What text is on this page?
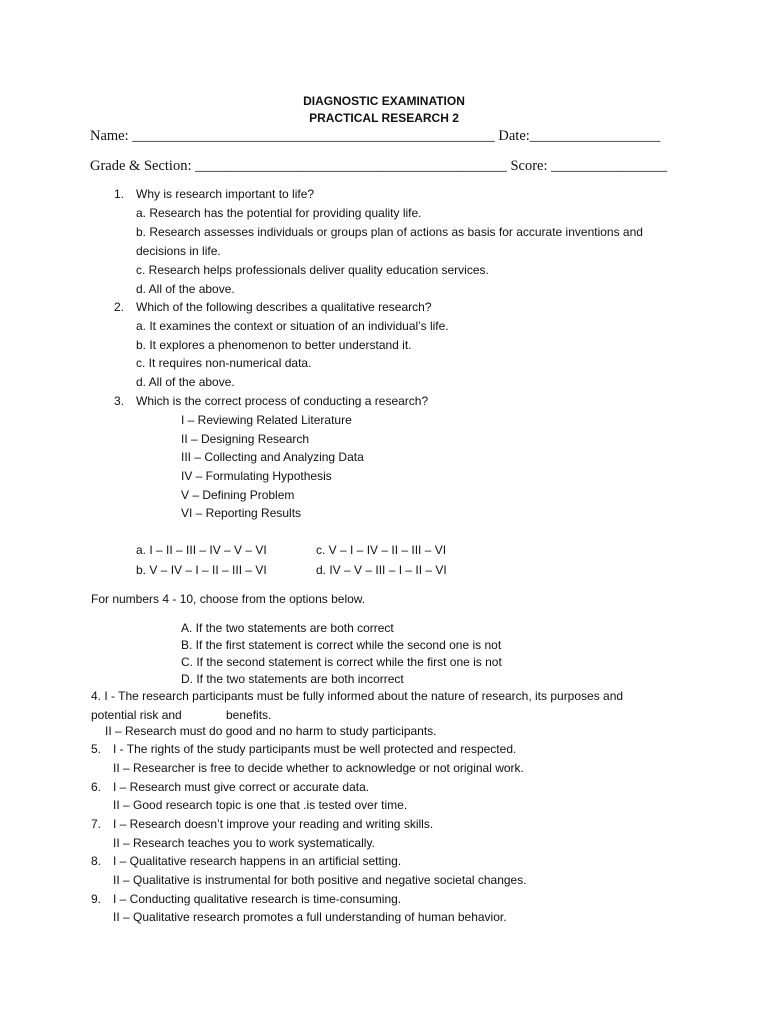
DIAGNOSTIC EXAMINATION
PRACTICAL RESEARCH 2
Name: __________________________________________________ Date:__________________
Grade & Section: ___________________________________________ Score: ________________
1. Why is research important to life?
a. Research has the potential for providing quality life.
b. Research assesses individuals or groups plan of actions as basis for accurate inventions and
decisions in life.
c. Research helps professionals deliver quality education services.
d. All of the above.
2. Which of the following describes a qualitative research?
a. It examines the context or situation of an individual’s life.
b. It explores a phenomenon to better understand it.
c. It requires non-numerical data.
d. All of the above.
3. Which is the correct process of conducting a research?
I – Reviewing Related Literature
II – Designing Research
III – Collecting and Analyzing Data
IV – Formulating Hypothesis
V – Defining Problem
VI – Reporting Results
a. I – II – III – IV – V – VI	c. V – I – IV – II – III – VI
b. V – IV – I – II – III – VI	d. IV – V – III – I – II – VI
For numbers 4 - 10, choose from the options below.
A. If the two statements are both correct
B. If the first statement is correct while the second one is not
C. If the second statement is correct while the first one is not
D. If the two statements are both incorrect
4. I - The research participants must be fully informed about the nature of research, its purposes and
potential risk and	benefits.
II – Research must do good and no harm to study participants.
5. I - The rights of the study participants must be well protected and respected.
II – Researcher is free to decide whether to acknowledge or not original work.
6. I – Research must give correct or accurate data.
II – Good research topic is one that .is tested over time.
7. I – Research doesn’t improve your reading and writing skills.
II – Research teaches you to work systematically.
8. I – Qualitative research happens in an artificial setting.
II – Qualitative is instrumental for both positive and negative societal changes.
9. I – Conducting qualitative research is time-consuming.
II – Qualitative research promotes a full understanding of human behavior.
